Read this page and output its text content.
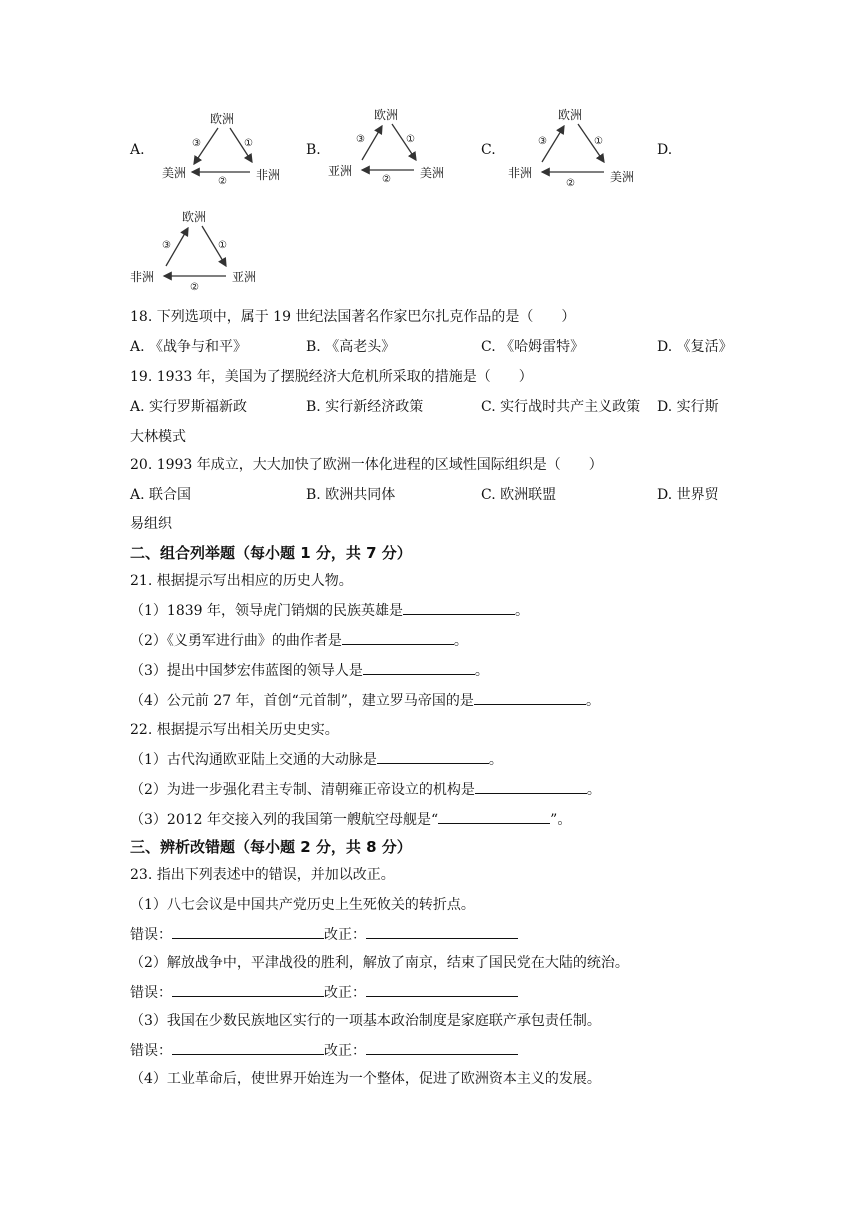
A.
欧洲
美洲	非洲
③	①
②
B.
欧洲
亚洲	美洲
③	①
②
C.
欧洲
非洲	美洲
③	①
②
D.
欧洲
非洲	亚洲
③	①
②
18. 下列选项中，属于 19 世纪法国著名作家巴尔扎克作品的是（　　）
A. 《战争与和平》	B. 《高老头》	C. 《哈姆雷特》	D. 《复活》
19. 1933 年，美国为了摆脱经济大危机所采取的措施是（　　）
A. 实行罗斯福新政	B. 实行新经济政策	C. 实行战时共产主义政策 D. 实行斯
大林模式
20. 1993 年成立，大大加快了欧洲一体化进程的区域性国际组织是（　　）
A. 联合国	B. 欧洲共同体	C. 欧洲联盟	D. 世界贸
易组织
二、组合列举题（每小题 1 分，共 7 分）
21. 根据提示写出相应的历史人物。
（1）1839 年，领导虎门销烟的民族英雄是	。
（2）《义勇军进行曲》的曲作者是	。
（3）提出中国梦宏伟蓝图的领导人是	。
（4）公元前 27 年，首创“元首制”，建立罗马帝国的是	。
22. 根据提示写出相关历史史实。
（1）古代沟通欧亚陆上交通的大动脉是	。
（2）为进一步强化君主专制、清朝雍正帝设立的机构是	。
（3）2012 年交接入列的我国第一艘航空母舰是“	”。
三、辨析改错题（每小题 2 分，共 8 分）
23. 指出下列表述中的错误，并加以改正。
（1）八七会议是中国共产党历史上生死攸关的转折点。
错误：	改正：
（2）解放战争中，平津战役的胜利，解放了南京，结束了国民党在大陆的统治。
错误：	改正：
（3）我国在少数民族地区实行的一项基本政治制度是家庭联产承包责任制。
错误：	改正：
（4）工业革命后，使世界开始连为一个整体，促进了欧洲资本主义的发展。
